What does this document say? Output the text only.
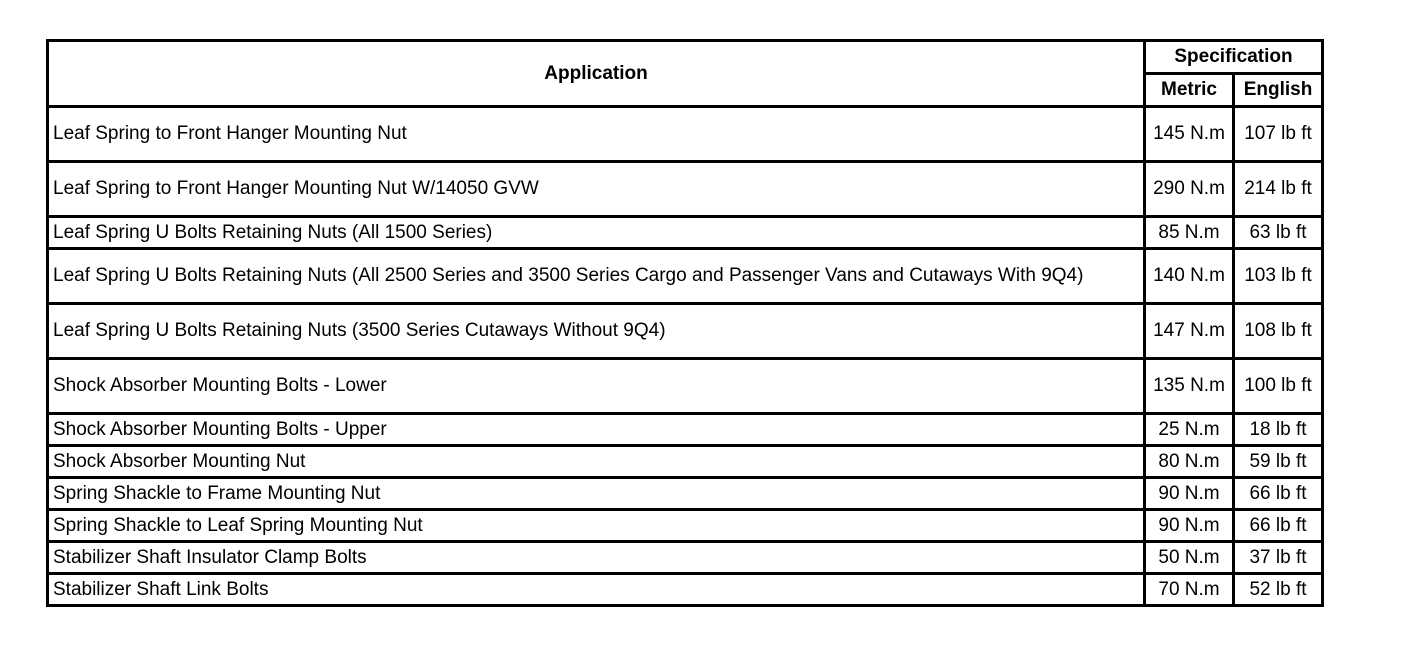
Application	Specification	
	Metric	English
Leaf Spring to Front Hanger Mounting Nut	145 N.m	107 lb ft
Leaf Spring to Front Hanger Mounting Nut W/14050 GVW	290 N.m	214 lb ft
Leaf Spring U Bolts Retaining Nuts (All 1500 Series)	85 N.m	63 lb ft
Leaf Spring U Bolts Retaining Nuts (All 2500 Series and 3500 Series Cargo and Passenger Vans and Cutaways With 9Q4)	140 N.m	103 lb ft
Leaf Spring U Bolts Retaining Nuts (3500 Series Cutaways Without 9Q4)	147 N.m	108 lb ft
Shock Absorber Mounting Bolts - Lower	135 N.m	100 lb ft
Shock Absorber Mounting Bolts - Upper	25 N.m	18 lb ft
Shock Absorber Mounting Nut	80 N.m	59 lb ft
Spring Shackle to Frame Mounting Nut	90 N.m	66 lb ft
Spring Shackle to Leaf Spring Mounting Nut	90 N.m	66 lb ft
Stabilizer Shaft Insulator Clamp Bolts	50 N.m	37 lb ft
Stabilizer Shaft Link Bolts	70 N.m	52 lb ft
